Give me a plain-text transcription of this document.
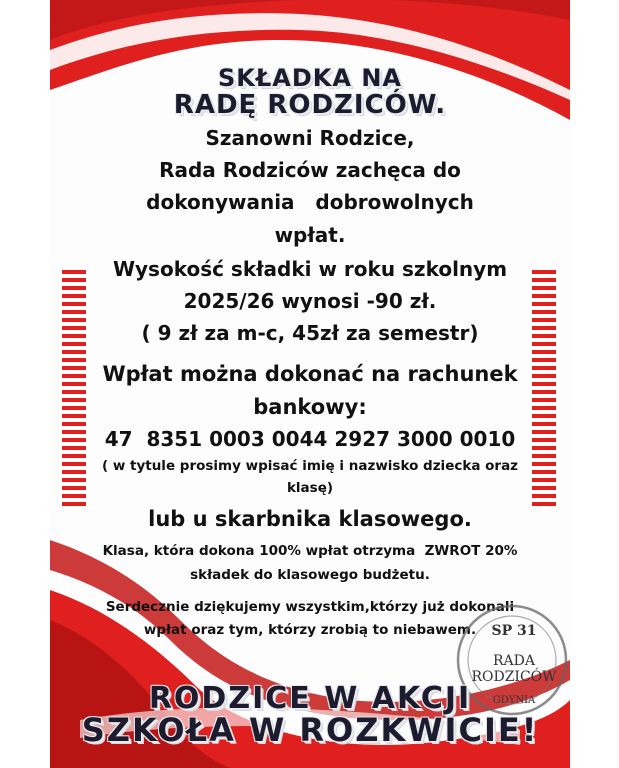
SKŁADKA NA
RADĘ RODZICÓW.
Szanowni Rodzice,
Rada Rodziców zachęca do
dokonywania   dobrowolnych
wpłat.
Wysokość składki w roku szkolnym
2025/26 wynosi -90 zł.
( 9 zł za m-c, 45zł za semestr)
Wpłat można dokonać na rachunek
bankowy:
47  8351 0003 0044 2927 3000 0010
( w tytule prosimy wpisać imię i nazwisko dziecka oraz
klasę)
lub u skarbnika klasowego.
Klasa, która dokona 100% wpłat otrzyma  ZWROT 20%
składek do klasowego budżetu.
Serdecznie dziękujemy wszystkim,którzy już dokonali
wpłat oraz tym, którzy zrobią to niebawem.	SP 31
RADA
RODZICÓW
GDYNIA
RODZICE W AKCJI
SZKOŁA W ROZKWICIE!
